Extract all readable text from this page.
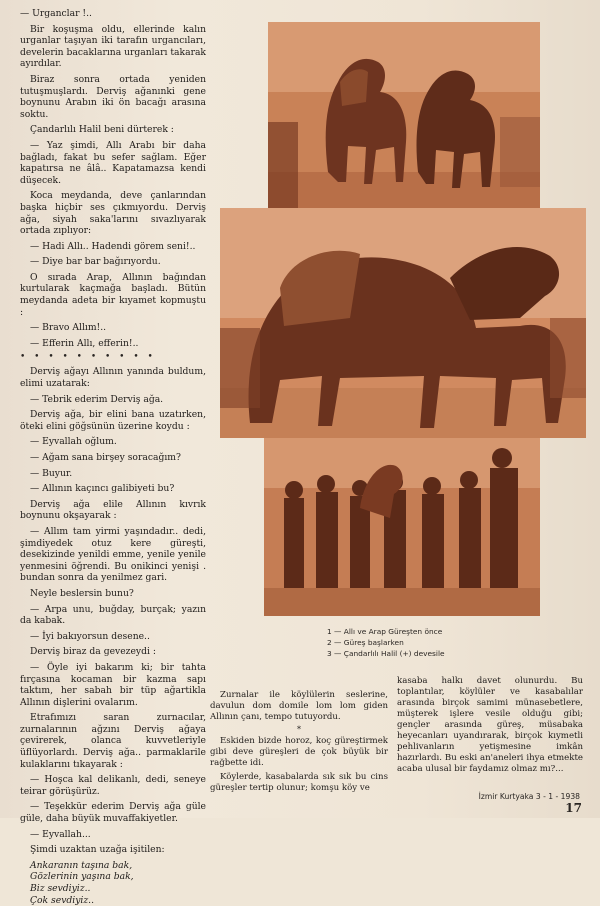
— Urganclar !..

Bir koşuşma oldu, ellerinde kalın urganlar taşıyan iki tarafın urgancıları, develerin bacaklarına urganları takarak ayırdılar.

Biraz sonra ortada yeniden tutuşmuşlardı. Derviş ağanınki gene boynunu Arabın iki ön bacağı arasına soktu.

Çandarlılı Halil beni dürterek :

— Yaz şimdi, Allı Arabı bir daha bağladı, fakat bu sefer sağlam. Eğer kapatırsa ne âlâ.. Kapatamazsa kendi düşecek.

Koca meydanda, deve çanlarından başka hiçbir ses çıkmıyordu. Derviş ağa, siyah saka'larını sıvazlıyarak ortada zıplıyor:

— Hadi Allı.. Hadendi görem seni!..

— Diye bar bar bağırıyordu.

O sırada Arap, Allının bağından kurtularak kaçmağa başladı. Bütün meydanda adeta bir kıyamet kopmuştu :

— Bravo Allım!..

— Efferin Allı, efferin!..

• • • • • • • • • •

Derviş ağayı Allının yanında buldum, elimi uzatarak:

— Tebrik ederim Derviş ağa.

Derviş ağa, bir elini bana uzatırken, öteki elini göğsünün üzerine koydu :

— Eyvallah oğlum.

— Ağam sana birşey soracağım?

— Buyur.

— Allının kaçıncı galibiyeti bu?

Derviş ağa elile Allının kıvrık boynunu okşayarak :

— Allım tam yirmi yaşındadır.. dedi, şimdiyedek otuz kere güreşti, desekizinde yenildi emme, yenile yenile yenmesini öğrendi. Bu onikinci yenişi . bundan sonra da yenilmez gari.

Neyle beslersin bunu?

— Arpa unu, buğday, burçak; yazın da kabak.

— İyi bakıyorsun desene..

Derviş biraz da gevezeydi :

— Öyle iyi bakarım ki; bir tahta fırçasına kocaman bir kazma sapı taktım, her sabah bir tüp ağartikla Allının dişlerini ovalarım.

Etrafımızı saran zurnacılar, zurnalarının ağzını Derviş ağaya çevirerek, olanca kuvvetleriyle üflüyorlardı. Derviş ağa.. parmaklarile kulaklarını tıkayarak :

— Hoşca kal delikanlı, dedi, seneye teirar görüşürüz.

— Teşekkür ederim Derviş ağa güle güle, daha büyük muvaffakiyetler.

— Eyvallah...

Şimdi uzaktan uzağa işitilen:

Ankaranın taşına bak,

Gözlerinin yaşına bak,

Biz sevdiyiz..

Çok sevdiyiz..

1 — Allı ve Arap Güreşten önce
2 — Güreş başlarken
3 — Çandarlılı Halil (+) devesile

Zurnalar ile köylülerin seslerine, davulun dom domile lom lom giden Allının çanı, tempo tutuyordu.

*

Eskiden bizde horoz, koç güreştirmek gibi deve güreşleri de çok büyük bir rağbette idi.

Köylerde, kasabalarda sık sık bu cins güreşler tertip olunur; komşu köy ve

kasaba halkı davet olunurdu. Bu toplantılar, köylüler ve kasabalılar arasında birçok samimi münasebetlere, müşterek işlere vesile olduğu gibi; gençler arasında güreş, müsabaka heyecanları uyandırarak, birçok kıymetli pehlivanların yetişmesine imkân hazırlardı. Bu eski an'aneleri ihya etmekte acaba ulusal bir faydamız olmaz mı?...

İzmir Kurtyaka 3 - 1 - 1938
17
